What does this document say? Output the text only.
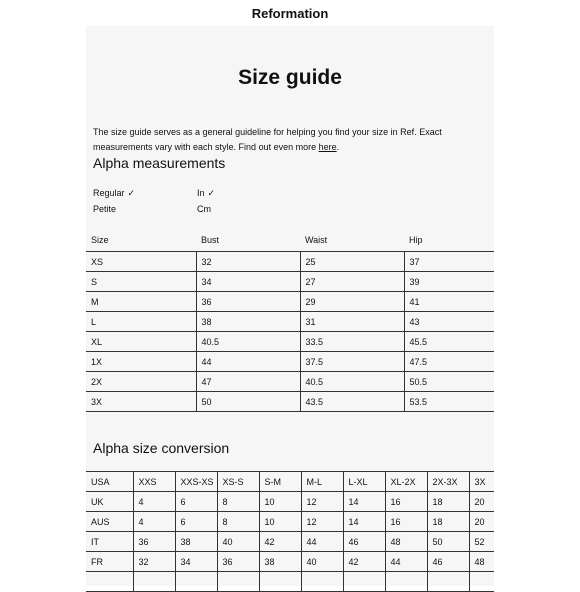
Reformation
Size guide
The size guide serves as a general guideline for helping you find your size in Ref. Exact measurements vary with each style. Find out even more here.
Alpha measurements
Regular ✓
Petite
In ✓
Cm
Size	Bust	Waist	Hip
XS	32	25	37
S	34	27	39
M	36	29	41
L	38	31	43
XL	40.5	33.5	45.5
1X	44	37.5	47.5
2X	47	40.5	50.5
3X	50	43.5	53.5
Alpha size conversion
USA	XXS	XXS-XS	XS-S	S-M	M-L	L-XL	XL-2X	2X-3X	3X
UK	4	6	8	10	12	14	16	18	20
AUS	4	6	8	10	12	14	16	18	20
IT	36	38	40	42	44	46	48	50	52
FR	32	34	36	38	40	42	44	46	48
